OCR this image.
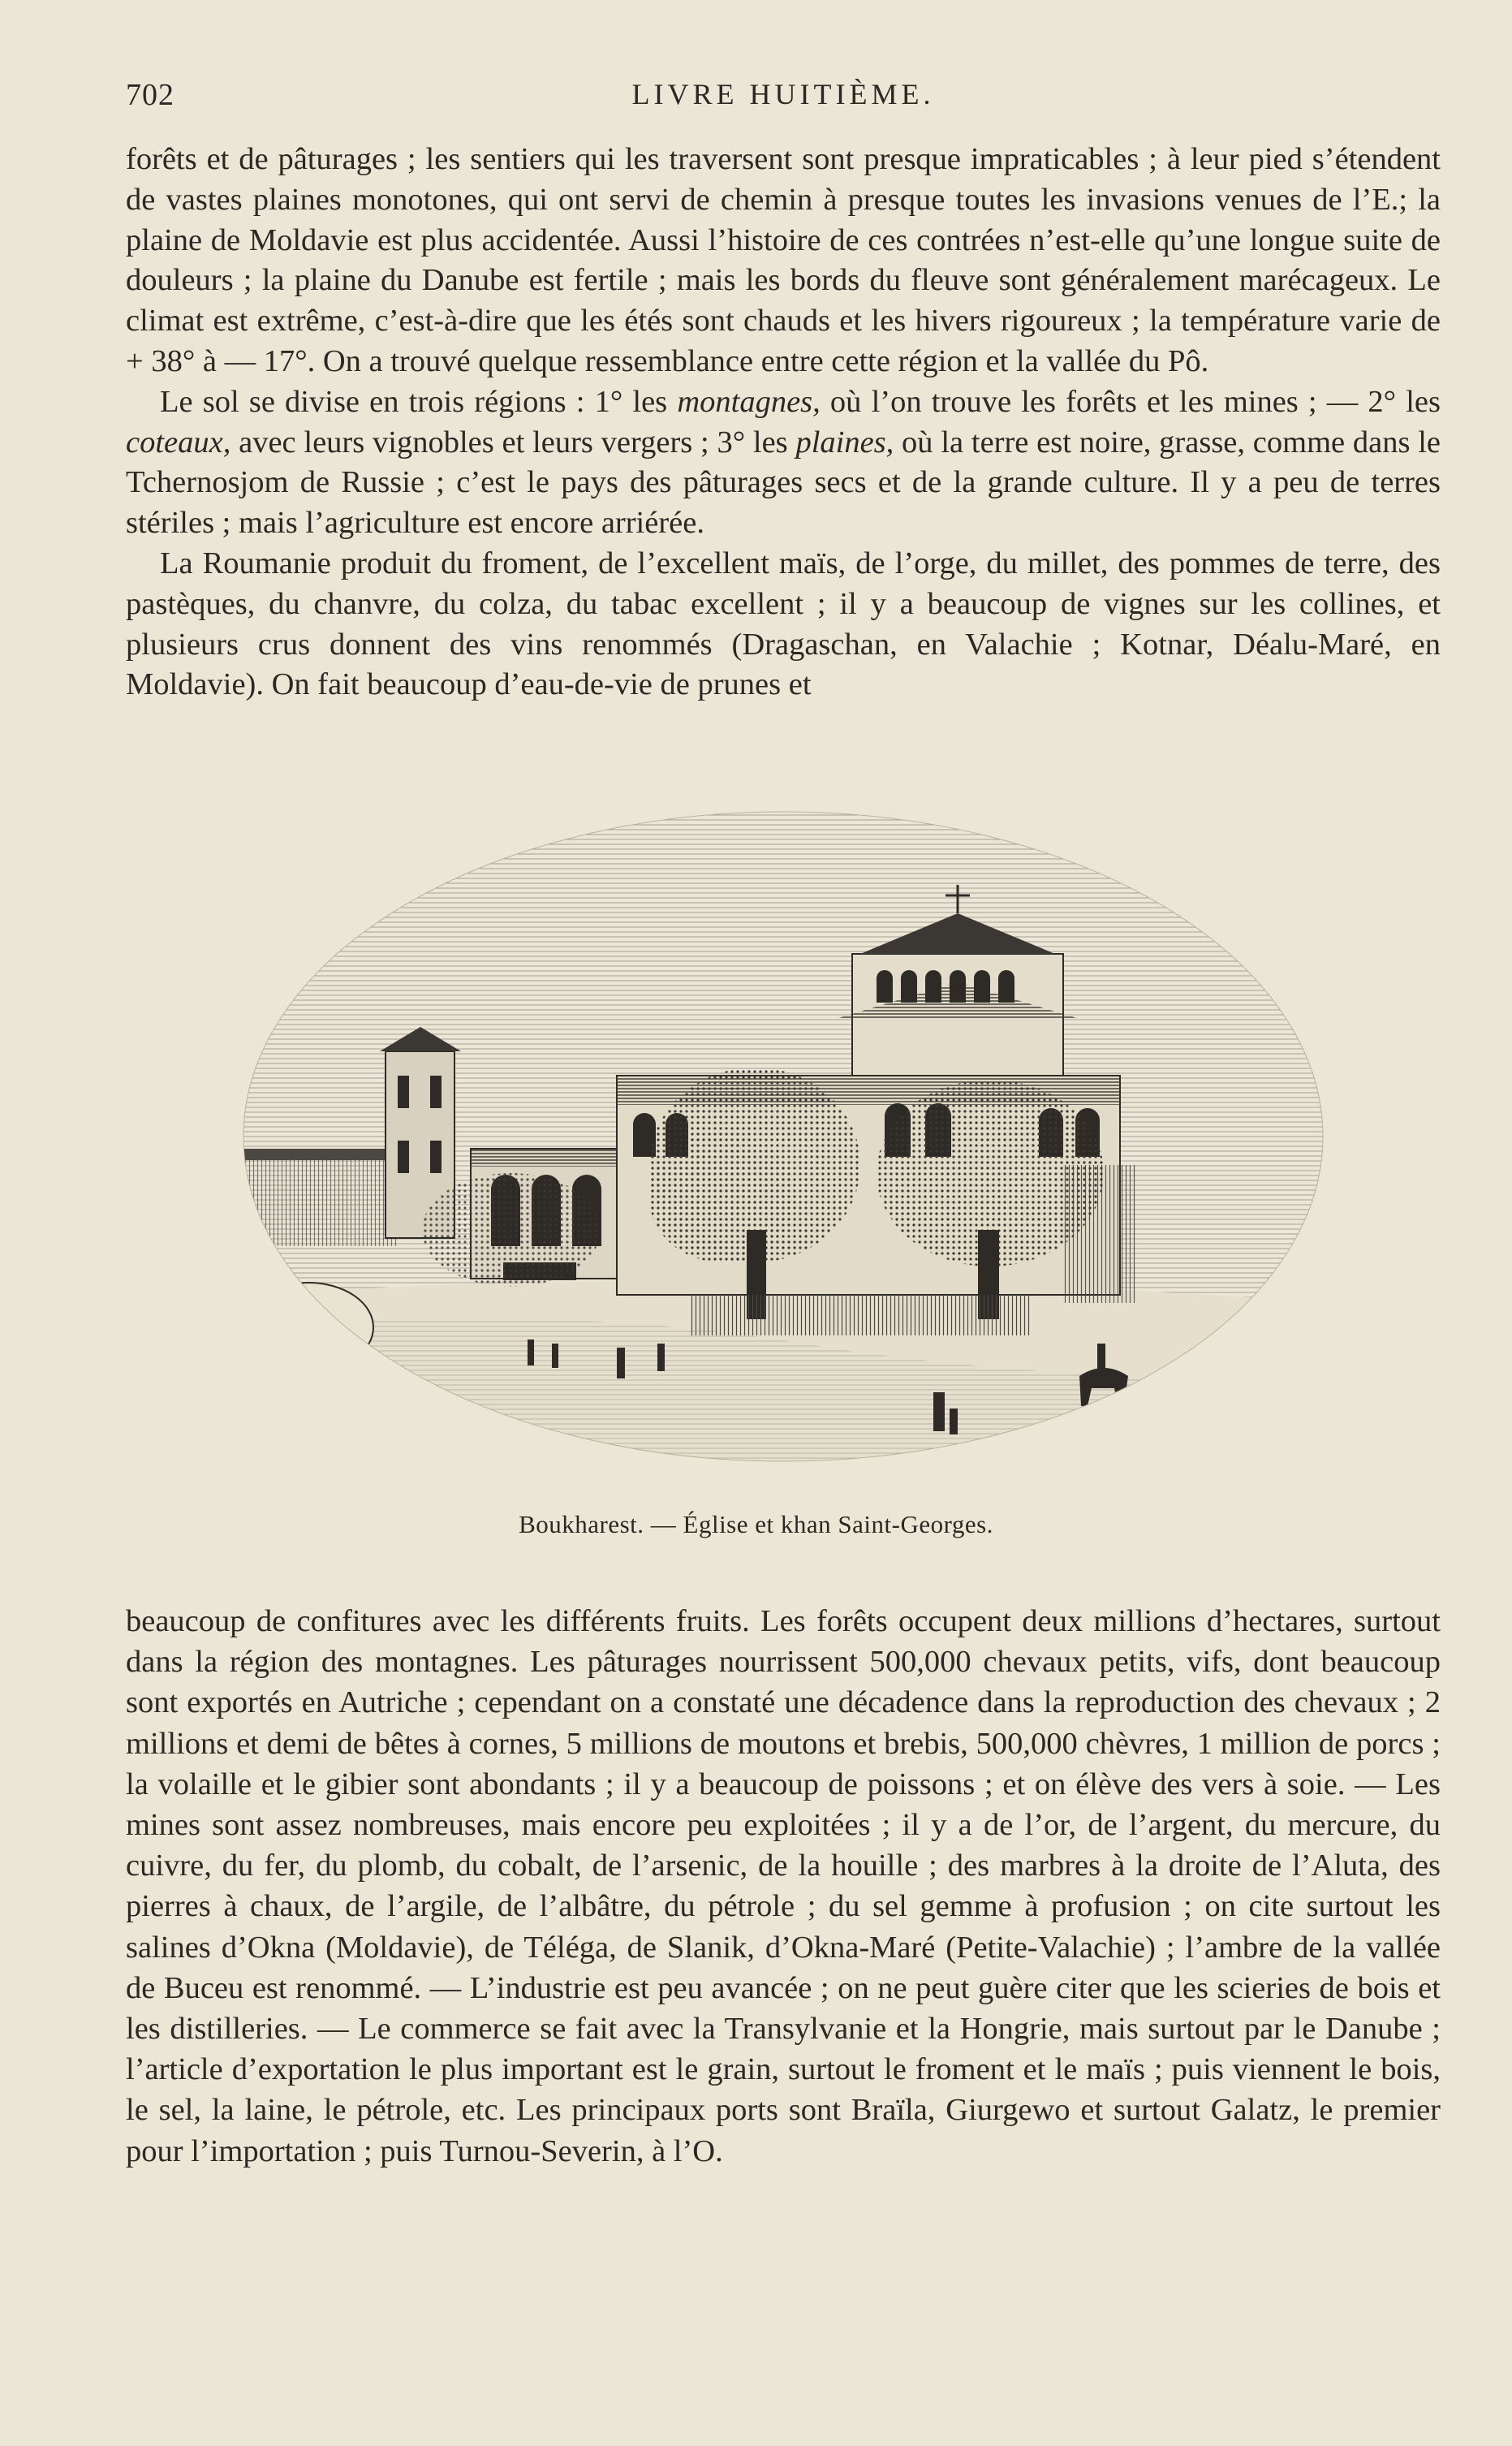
702	LIVRE HUITIÈME.

forêts et de pâturages ; les sentiers qui les traversent sont presque impraticables ; à leur pied s’étendent de vastes plaines monotones, qui ont servi de chemin à presque toutes les invasions venues de l’E.; la plaine de Moldavie est plus accidentée. Aussi l’histoire de ces contrées n’est-elle qu’une longue suite de douleurs ; la plaine du Danube est fertile ; mais les bords du fleuve sont généralement marécageux. Le climat est extrême, c’est-à-dire que les étés sont chauds et les hivers rigoureux ; la température varie de + 38° à — 17°. On a trouvé quelque ressemblance entre cette région et la vallée du Pô.

Le sol se divise en trois régions : 1° les montagnes, où l’on trouve les forêts et les mines ; — 2° les coteaux, avec leurs vignobles et leurs vergers ; 3° les plaines, où la terre est noire, grasse, comme dans le Tchernosjom de Russie ; c’est le pays des pâturages secs et de la grande culture. Il y a peu de terres stériles ; mais l’agriculture est encore arriérée.

La Roumanie produit du froment, de l’excellent maïs, de l’orge, du millet, des pommes de terre, des pastèques, du chanvre, du colza, du tabac excellent ; il y a beaucoup de vignes sur les collines, et plusieurs crus donnent des vins renommés (Dragaschan, en Valachie ; Kotnar, Déalu-Maré, en Moldavie). On fait beaucoup d’eau-de-vie de prunes et

Boukharest. — Église et khan Saint-Georges.

beaucoup de confitures avec les différents fruits. Les forêts occupent deux millions d’hectares, surtout dans la région des montagnes. Les pâturages nourrissent 500,000 chevaux petits, vifs, dont beaucoup sont exportés en Autriche ; cependant on a constaté une décadence dans la reproduction des chevaux ; 2 millions et demi de bêtes à cornes, 5 millions de moutons et brebis, 500,000 chèvres, 1 million de porcs ; la volaille et le gibier sont abondants ; il y a beaucoup de poissons ; et on élève des vers à soie. — Les mines sont assez nombreuses, mais encore peu exploitées ; il y a de l’or, de l’argent, du mercure, du cuivre, du fer, du plomb, du cobalt, de l’arsenic, de la houille ; des marbres à la droite de l’Aluta, des pierres à chaux, de l’argile, de l’albâtre, du pétrole ; du sel gemme à profusion ; on cite surtout les salines d’Okna (Moldavie), de Téléga, de Slanik, d’Okna-Maré (Petite-Valachie) ; l’ambre de la vallée de Buceu est renommé. — L’industrie est peu avancée ; on ne peut guère citer que les scieries de bois et les distilleries. — Le commerce se fait avec la Transylvanie et la Hongrie, mais surtout par le Danube ; l’article d’exportation le plus important est le grain, surtout le froment et le maïs ; puis viennent le bois, le sel, la laine, le pétrole, etc. Les principaux ports sont Braïla, Giurgewo et surtout Galatz, le premier pour l’importation ; puis Turnou-Severin, à l’O.
